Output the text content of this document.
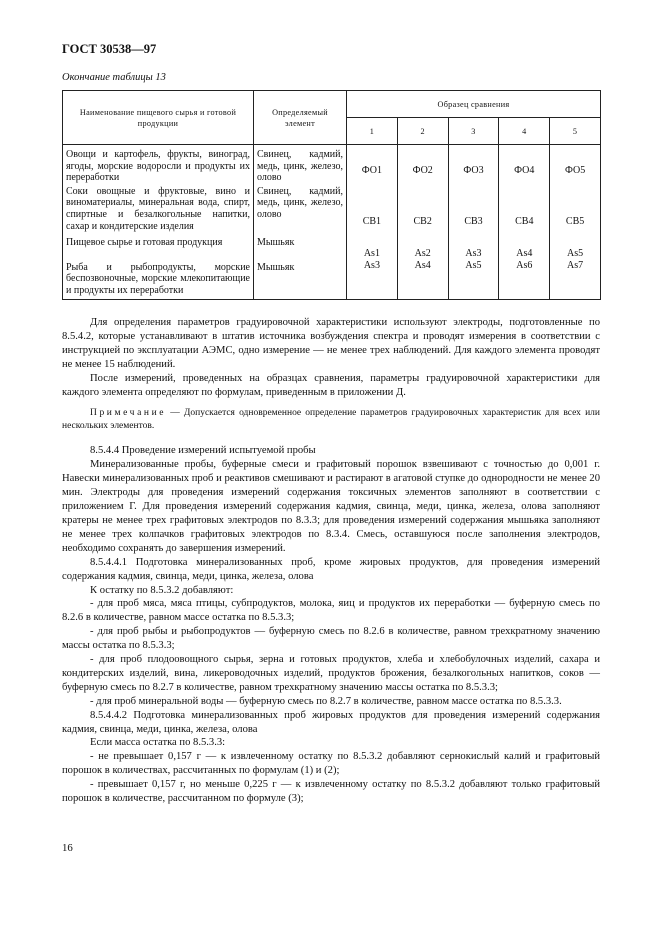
ГОСТ 30538—97
Окончание таблицы 13
Наименование пищевого сырья и готовой продукции	Определяемый элемент	Образец сравнения				
		1	2	3	4	5
Овощи и картофель, фрукты, виноград, ягоды, морские водоросли и продукты их переработки	Свинец, кадмий, медь, цинк, железо, олово	ФО1	ФО2	ФО3	ФО4	ФО5
Соки овощные и фруктовые, вино и виноматериалы, минеральная вода, спирт, спиртные и безалкогольные напитки, сахар и кондитерские изделия	Свинец, кадмий, медь, цинк, железо, олово	СВ1	СВ2	СВ3	СВ4	СВ5
Пищевое сырье и готовая продукция	Мышьяк	As1	As2	As3	As4	As5
Рыба и рыбопродукты, морские беспозвоночные, морские млекопитающие и продукты их переработки	Мышьяк	As3	As4	As5	As6	As7

Для определения параметров градуировочной характеристики используют электроды, подготовленные по 8.5.4.2, которые устанавливают в штатив источника возбуждения спектра и проводят измерения в соответствии с инструкцией по эксплуатации АЭМС, одно измерение — не менее трех наблюдений. Для каждого элемента проводят не менее 15 наблюдений.

После измерений, проведенных на образцах сравнения, параметры градуировочной характеристики для каждого элемента определяют по формулам, приведенным в приложении Д.

Примечание — Допускается одновременное определение параметров градуировочных характеристик для всех или нескольких элементов.

8.5.4.4 Проведение измерений испытуемой пробы

Минерализованные пробы, буферные смеси и графитовый порошок взвешивают с точностью до 0,001 г. Навески минерализованных проб и реактивов смешивают и растирают в агатовой ступке до однородности не менее 20 мин. Электроды для проведения измерений содержания токсичных элементов заполняют в соответствии с приложением Г. Для проведения измерений содержания кадмия, свинца, меди, цинка, железа, олова заполняют кратеры не менее трех графитовых электродов по 8.3.3; для проведения измерений содержания мышьяка заполняют не менее трех колпачков графитовых электродов по 8.3.4. Смесь, оставшуюся после заполнения электродов, необходимо сохранять до завершения измерений.

8.5.4.4.1 Подготовка минерализованных проб, кроме жировых продуктов, для проведения измерений содержания кадмия, свинца, меди, цинка, железа, олова

К остатку по 8.5.3.2 добавляют:

- для проб мяса, мяса птицы, субпродуктов, молока, яиц и продуктов их переработки — буферную смесь по 8.2.6 в количестве, равном массе остатка по 8.5.3.3;

- для проб рыбы и рыбопродуктов — буферную смесь по 8.2.6 в количестве, равном трехкратному значению массы остатка по 8.5.3.3;

- для проб плодоовощного сырья, зерна и готовых продуктов, хлеба и хлебобулочных изделий, сахара и кондитерских изделий, вина, ликероводочных изделий, продуктов брожения, безалкогольных напитков, соков — буферную смесь по 8.2.7 в количестве, равном трехкратному значению массы остатка по 8.5.3.3;

- для проб минеральной воды — буферную смесь по 8.2.7 в количестве, равном массе остатка по 8.5.3.3.

8.5.4.4.2 Подготовка минерализованных проб жировых продуктов для проведения измерений содержания кадмия, свинца, меди, цинка, железа, олова

Если масса остатка по 8.5.3.3:

- не превышает 0,157 г — к извлеченному остатку по 8.5.3.2 добавляют сернокислый калий и графитовый порошок в количествах, рассчитанных по формулам (1) и (2);

- превышает 0,157 г, но меньше 0,225 г — к извлеченному остатку по 8.5.3.2 добавляют только графитовый порошок в количестве, рассчитанном по формуле (3);

16
